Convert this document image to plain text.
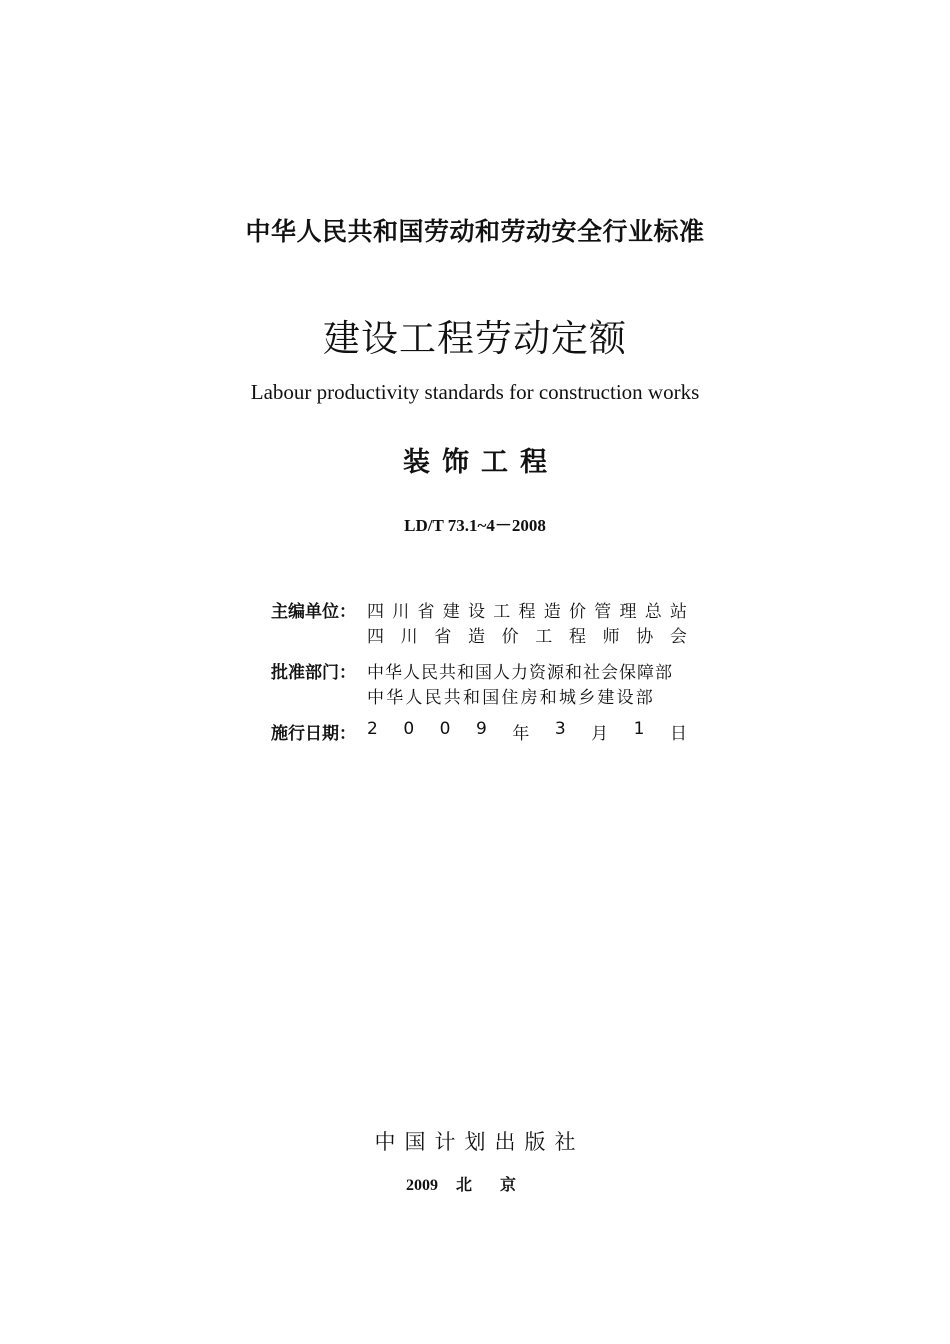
中华人民共和国劳动和劳动安全行业标准
建设工程劳动定额
Labour productivity standards for construction works
装饰工程
LD/T 73.1~4－2008
主编单位： 四 川 省 建 设 工 程 造 价 管 理 总 站
四 川 省 造 价 工 程 师 协 会
批准部门： 中华人民共和国人力资源和社会保障部
中华人民共和国住房和城乡建设部
施行日期： 2 0 0 9 年 3 月 1 日
中国计划出版社
2009 北京
